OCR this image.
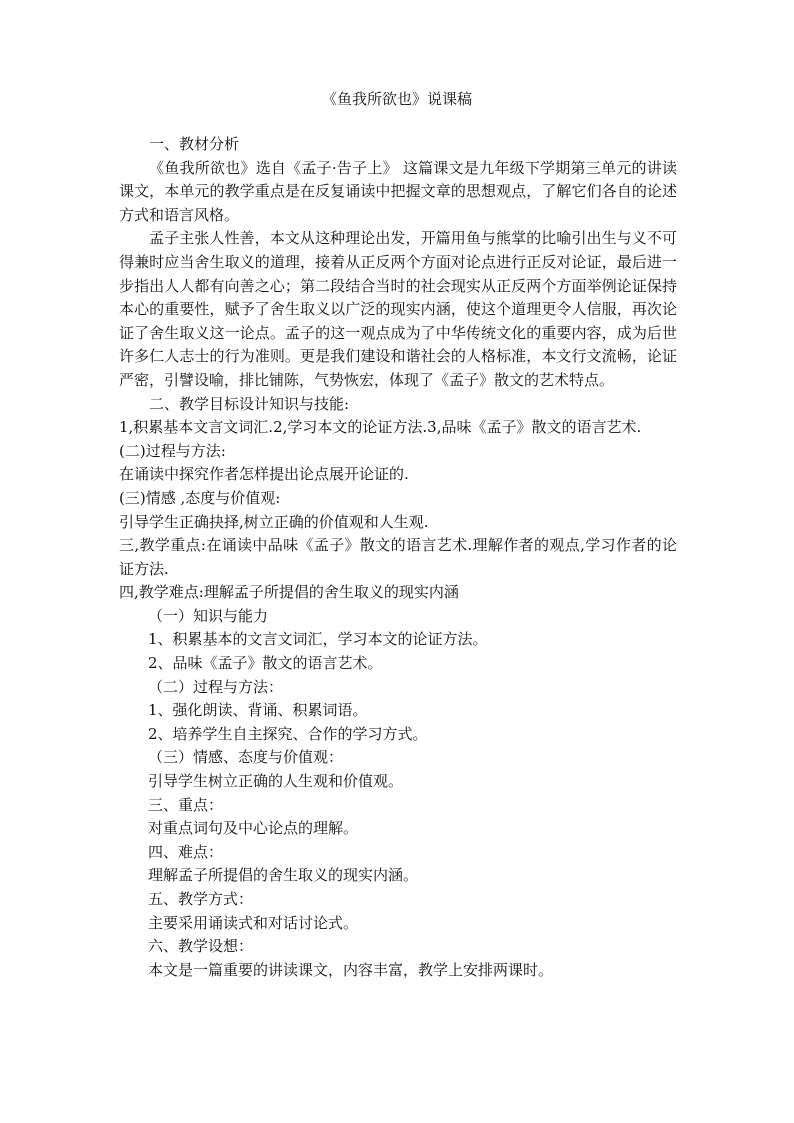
《鱼我所欲也》说课稿

一、教材分析

《鱼我所欲也》选自《孟子·告子上》 这篇课文是九年级下学期第三单元的讲读课文，本单元的教学重点是在反复诵读中把握文章的思想观点，了解它们各自的论述方式和语言风格。

孟子主张人性善，本文从这种理论出发，开篇用鱼与熊掌的比喻引出生与义不可得兼时应当舍生取义的道理，接着从正反两个方面对论点进行正反对论证，最后进一步指出人人都有向善之心；第二段结合当时的社会现实从正反两个方面举例论证保持本心的重要性，赋予了舍生取义以广泛的现实内涵，使这个道理更令人信服，再次论证了舍生取义这一论点。孟子的这一观点成为了中华传统文化的重要内容，成为后世许多仁人志士的行为准则。更是我们建设和谐社会的人格标准，本文行文流畅，论证严密，引譬设喻，排比铺陈，气势恢宏，体现了《孟子》散文的艺术特点。

二、教学目标设计知识与技能:

1,积累基本文言文词汇.2,学习本文的论证方法.3,品味《孟子》散文的语言艺术.

(二)过程与方法:

在诵读中探究作者怎样提出论点展开论证的.

(三)情感 ,态度与价值观:

引导学生正确抉择,树立正确的价值观和人生观.

三,教学重点:在诵读中品味《孟子》散文的语言艺术.理解作者的观点,学习作者的论证方法.

四,教学难点:理解孟子所提倡的舍生取义的现实内涵

（一）知识与能力

1、积累基本的文言文词汇，学习本文的论证方法。

2、品味《孟子》散文的语言艺术。

（二）过程与方法：

1、强化朗读、背诵、积累词语。

2、培养学生自主探究、合作的学习方式。

（三）情感、态度与价值观：

引导学生树立正确的人生观和价值观。

三、重点：

对重点词句及中心论点的理解。

四、难点：

理解孟子所提倡的舍生取义的现实内涵。

五、教学方式：

主要采用诵读式和对话讨论式。

六、教学设想：

本文是一篇重要的讲读课文，内容丰富，教学上安排两课时。
